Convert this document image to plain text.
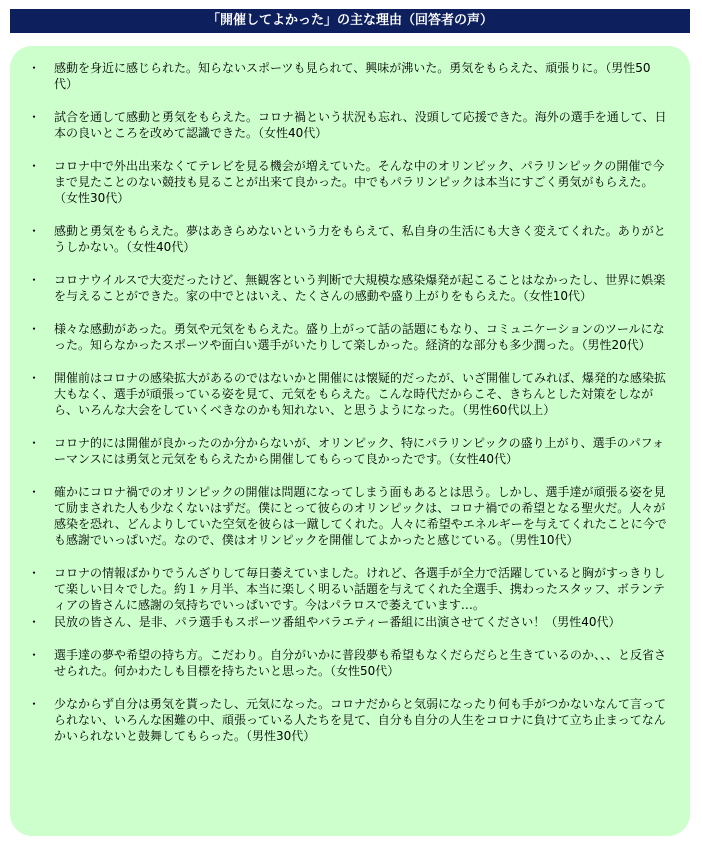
「開催してよかった」の主な理由（回答者の声）
・	感動を身近に感じられた。知らないスポーツも見られて、興味が沸いた。勇気をもらえた、頑張りに。（男性50代）
・	試合を通して感動と勇気をもらえた。コロナ禍という状況も忘れ、没頭して応援できた。海外の選手を通して、日本の良いところを改めて認識できた。（女性40代）
・	コロナ中で外出出来なくてテレビを見る機会が増えていた。そんな中のオリンピック、パラリンピックの開催で今まで見たことのない競技も見ることが出来て良かった。中でもパラリンピックは本当にすごく勇気がもらえた。（女性30代）
・	感動と勇気をもらえた。夢はあきらめないという力をもらえて、私自身の生活にも大きく変えてくれた。ありがとうしかない。（女性40代）
・	コロナウイルスで大変だったけど、無観客という判断で大規模な感染爆発が起こることはなかったし、世界に娯楽を与えることができた。家の中でとはいえ、たくさんの感動や盛り上がりをもらえた。（女性10代）
・	様々な感動があった。勇気や元気をもらえた。盛り上がって話の話題にもなり、コミュニケーションのツールになった。知らなかったスポーツや面白い選手がいたりして楽しかった。経済的な部分も多少潤った。（男性20代）
・	開催前はコロナの感染拡大があるのではないかと開催には懐疑的だったが、いざ開催してみれば、爆発的な感染拡大もなく、選手が頑張っている姿を見て、元気をもらえた。こんな時代だからこそ、きちんとした対策をしながら、いろんな大会をしていくべきなのかも知れない、と思うようになった。（男性60代以上）
・	コロナ的には開催が良かったのか分からないが、オリンピック、特にパラリンピックの盛り上がり、選手のパフォーマンスには勇気と元気をもらえたから開催してもらって良かったです。（女性40代）
・	確かにコロナ禍でのオリンピックの開催は問題になってしまう面もあるとは思う。しかし、選手達が頑張る姿を見て励まされた人も少なくないはずだ。僕にとって彼らのオリンピックは、コロナ禍での希望となる聖火だ。人々が感染を恐れ、どんよりしていた空気を彼らは一蹴してくれた。人々に希望やエネルギーを与えてくれたことに今でも感謝でいっぱいだ。なので、僕はオリンピックを開催してよかったと感じている。（男性10代）
・	コロナの情報ばかりでうんざりして毎日萎えていました。けれど、各選手が全力で活躍していると胸がすっきりして楽しい日々でした。約１ヶ月半、本当に楽しく明るい話題を与えてくれた全選手、携わったスタッフ、ボランティアの皆さんに感謝の気持ちでいっぱいです。今はパラロスで萎えています…。
・	民放の皆さん、是非、パラ選手もスポーツ番組やバラエティー番組に出演させてください！（男性40代）
・	選手達の夢や希望の持ち方。こだわり。自分がいかに普段夢も希望もなくだらだらと生きているのか、、、と反省させられた。何かわたしも目標を持ちたいと思った。（女性50代）
・	少なからず自分は勇気を貰ったし、元気になった。コロナだからと気弱になったり何も手がつかないなんて言ってられない、いろんな困難の中、頑張っている人たちを見て、自分も自分の人生をコロナに負けて立ち止まってなんかいられないと鼓舞してもらった。（男性30代）
